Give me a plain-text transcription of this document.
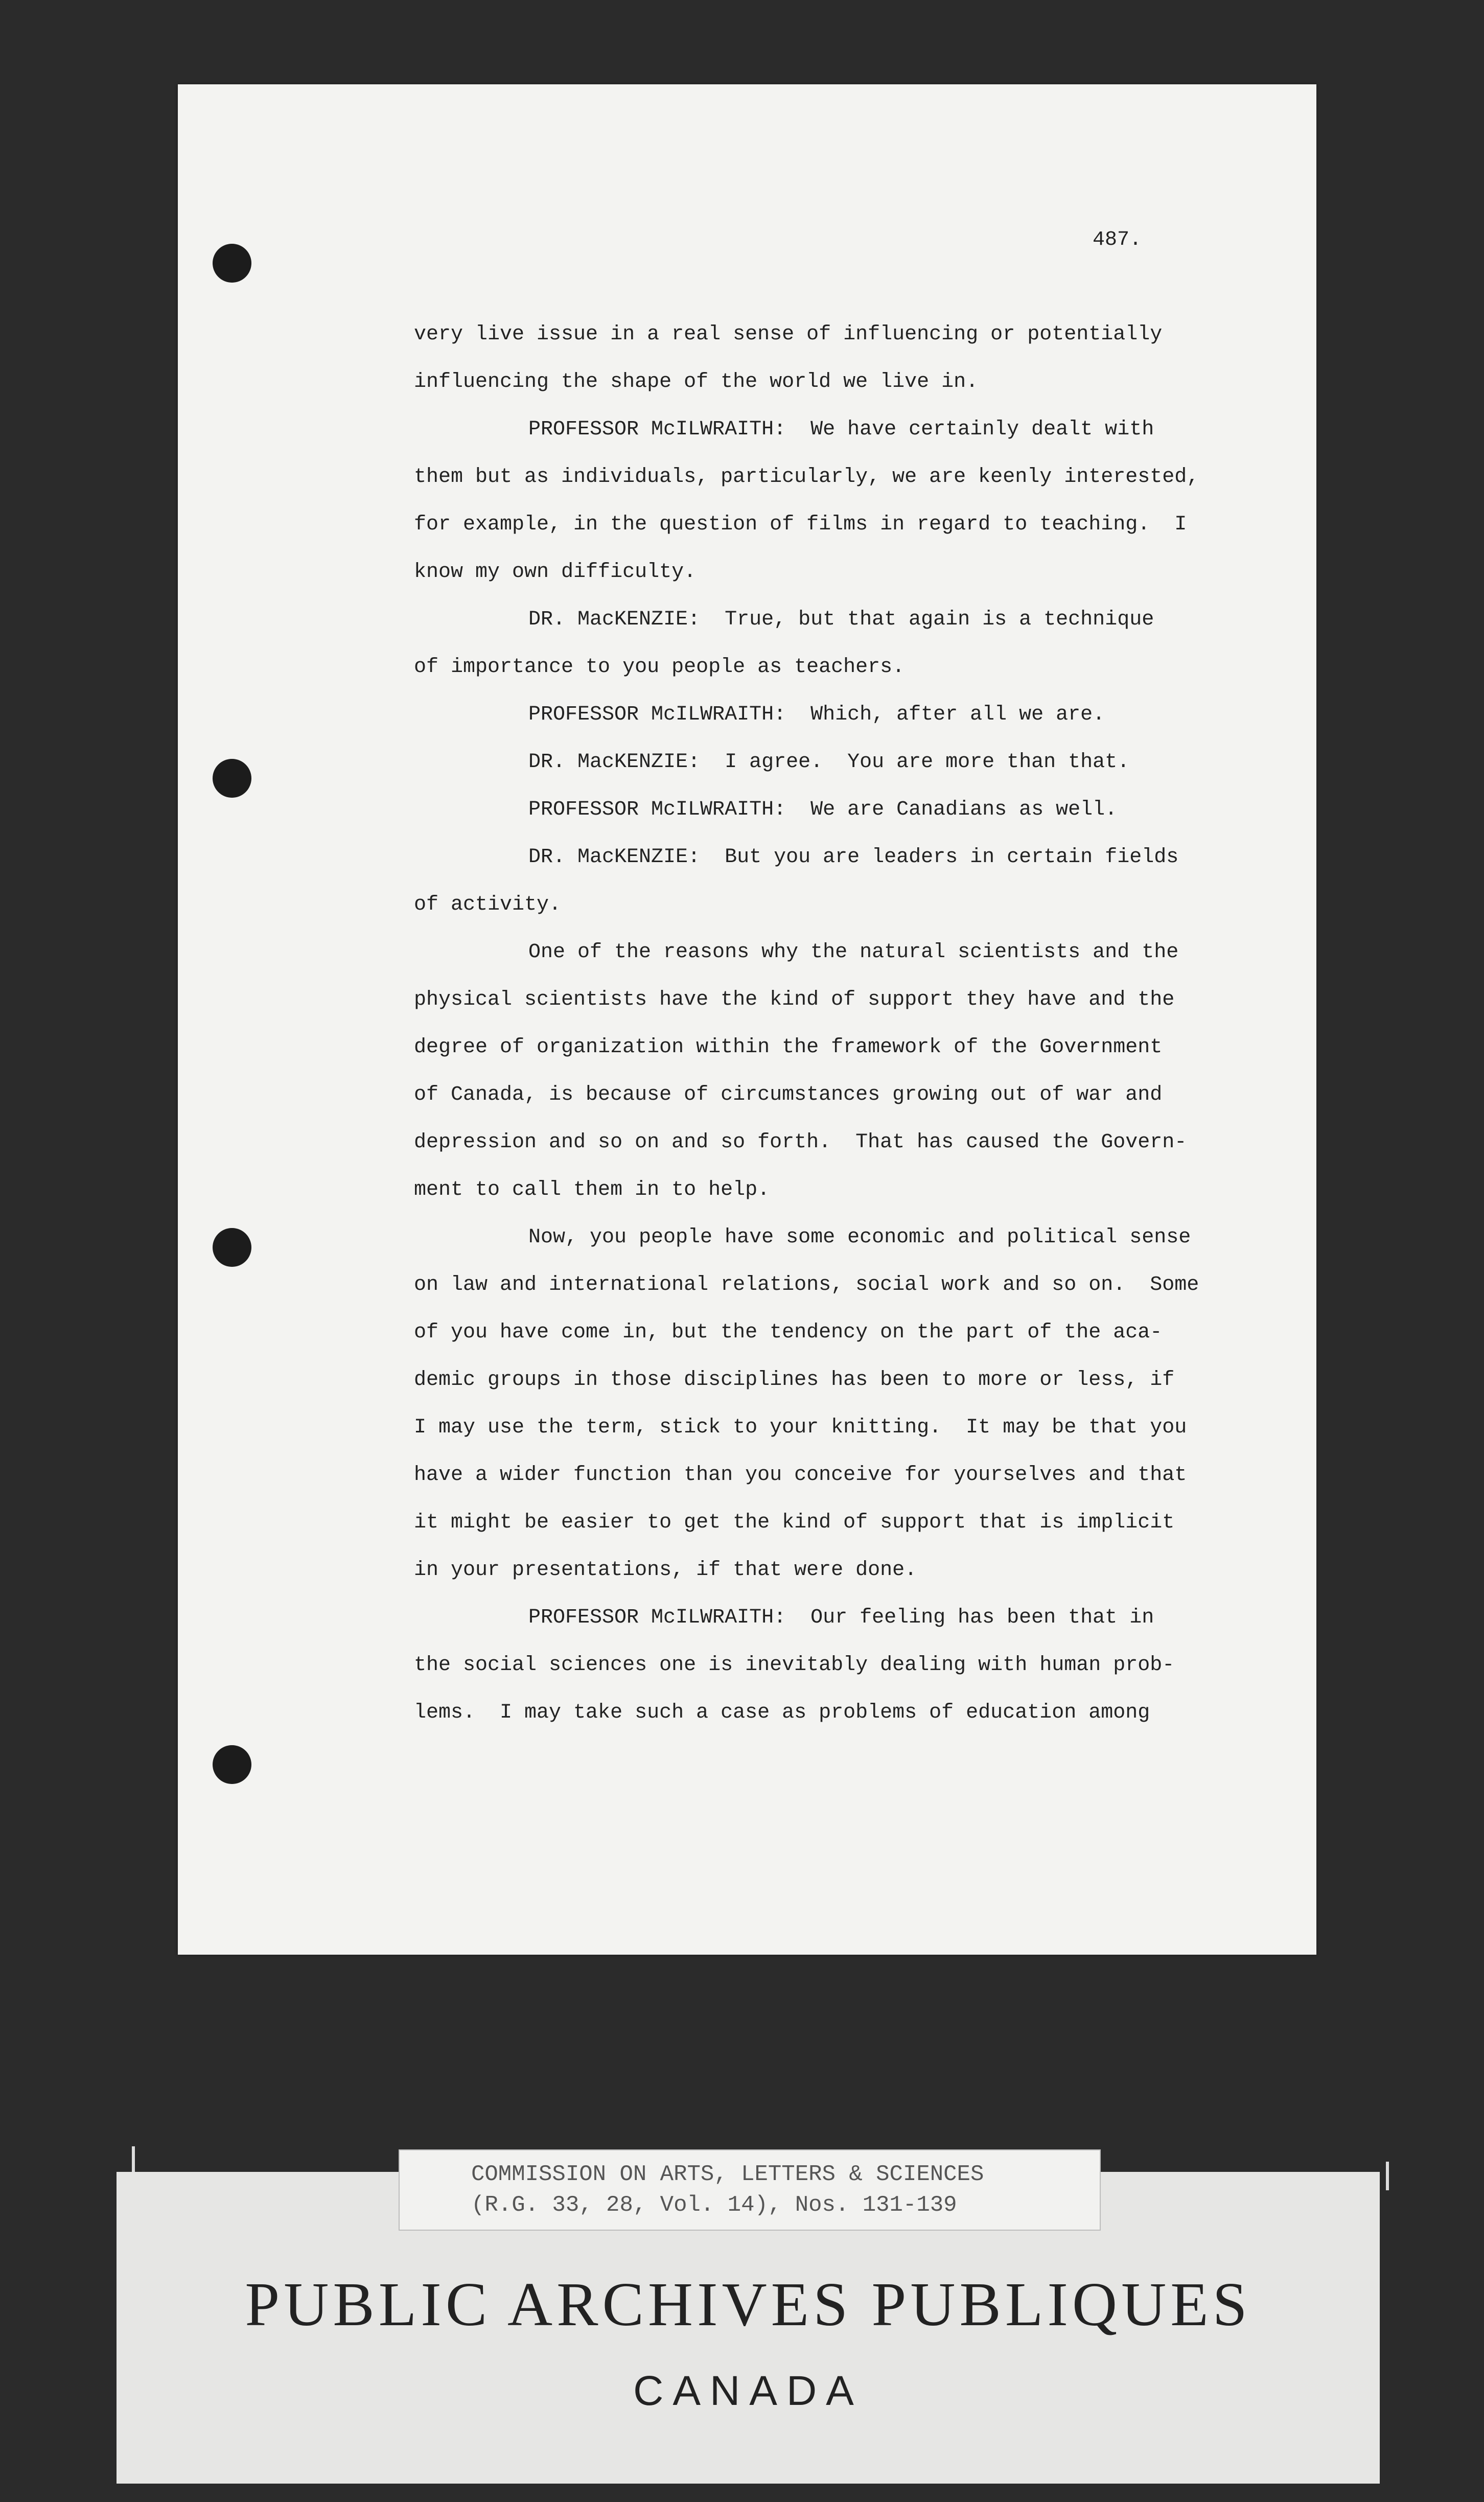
487.
very live issue in a real sense of influencing or potentially
influencing the shape of the world we live in.
PROFESSOR McILWRAITH:  We have certainly dealt with
them but as individuals, particularly, we are keenly interested,
for example, in the question of films in regard to teaching.  I
know my own difficulty.
DR. MacKENZIE:  True, but that again is a technique
of importance to you people as teachers.
PROFESSOR McILWRAITH:  Which, after all we are.
DR. MacKENZIE:  I agree.  You are more than that.
PROFESSOR McILWRAITH:  We are Canadians as well.
DR. MacKENZIE:  But you are leaders in certain fields
of activity.
One of the reasons why the natural scientists and the
physical scientists have the kind of support they have and the
degree of organization within the framework of the Government
of Canada, is because of circumstances growing out of war and
depression and so on and so forth.  That has caused the Govern-
ment to call them in to help.
Now, you people have some economic and political sense
on law and international relations, social work and so on.  Some
of you have come in, but the tendency on the part of the aca-
demic groups in those disciplines has been to more or less, if
I may use the term, stick to your knitting.  It may be that you
have a wider function than you conceive for yourselves and that
it might be easier to get the kind of support that is implicit
in your presentations, if that were done.
PROFESSOR McILWRAITH:  Our feeling has been that in
the social sciences one is inevitably dealing with human prob-
lems.  I may take such a case as problems of education among
PUBLIC ARCHIVES PUBLIQUES
CANADA
COMMISSION ON ARTS, LETTERS & SCIENCES
(R.G. 33, 28, Vol. 14), Nos. 131-139
